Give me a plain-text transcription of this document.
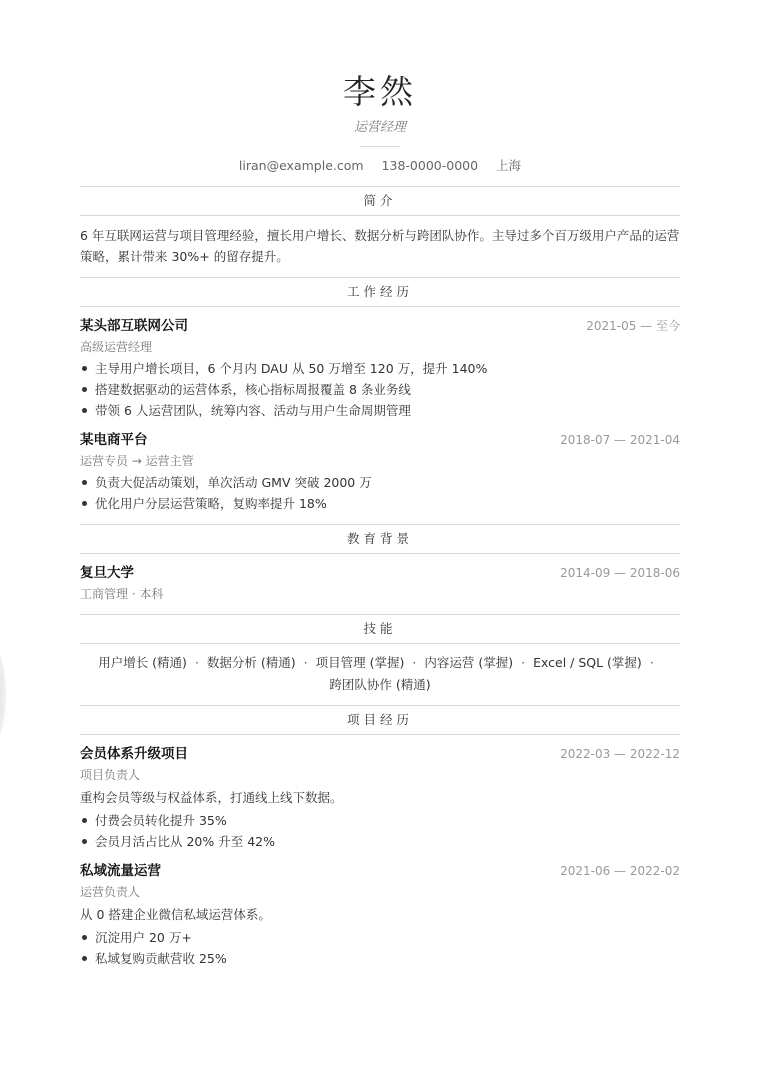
李然
运营经理
liran@example.com 138-0000-0000 上海
简介
6 年互联网运营与项目管理经验，擅长用户增长、数据分析与跨团队协作。主导过多个百万级用户产品的运营策略，累计带来 30%+ 的留存提升。
工作经历
某头部互联网公司	2021-05 — 至今
高级运营经理
主导用户增长项目，6 个月内 DAU 从 50 万增至 120 万，提升 140%
搭建数据驱动的运营体系，核心指标周报覆盖 8 条业务线
带领 6 人运营团队，统筹内容、活动与用户生命周期管理
某电商平台	2018-07 — 2021-04
运营专员 → 运营主管
负责大促活动策划，单次活动 GMV 突破 2000 万
优化用户分层运营策略，复购率提升 18%
教育背景
复旦大学	2014-09 — 2018-06
工商管理 · 本科
技能
用户增长 (精通) · 数据分析 (精通) · 项目管理 (掌握) · 内容运营 (掌握) · Excel / SQL (掌握) ·
跨团队协作 (精通)
项目经历
会员体系升级项目	2022-03 — 2022-12
项目负责人
重构会员等级与权益体系，打通线上线下数据。
付费会员转化提升 35%
会员月活占比从 20% 升至 42%
私域流量运营	2021-06 — 2022-02
运营负责人
从 0 搭建企业微信私域运营体系。
沉淀用户 20 万+
私域复购贡献营收 25%
